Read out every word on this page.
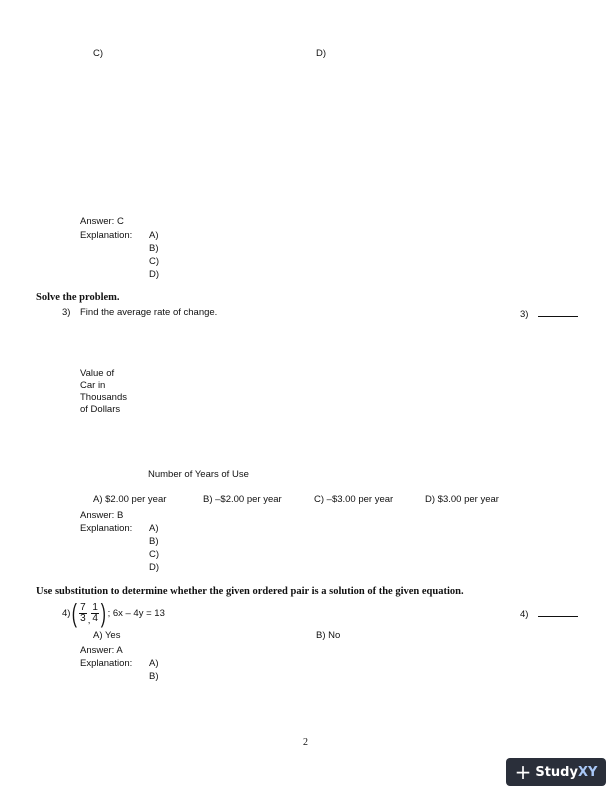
C)	D)
Answer: C
Explanation: A)
B)
C)
D)
Solve the problem.
3) Find the average rate of change.	3)
Value of
Car in
Thousands
of Dollars
Number of Years of Use
A) $2.00 per year	B) –$2.00 per year	C) –$3.00 per year	D) $3.00 per year
Answer: B
Explanation: A)
B)
C)
D)
Use substitution to determine whether the given ordered pair is a solution of the given equation.
4) ( $\frac{7}{3}$ , $\frac{1}{4}$ ) ; 6x – 4y = 13	4)
A) Yes	B) No
Answer: A
Explanation: A)
B)
2
+ Study XY
